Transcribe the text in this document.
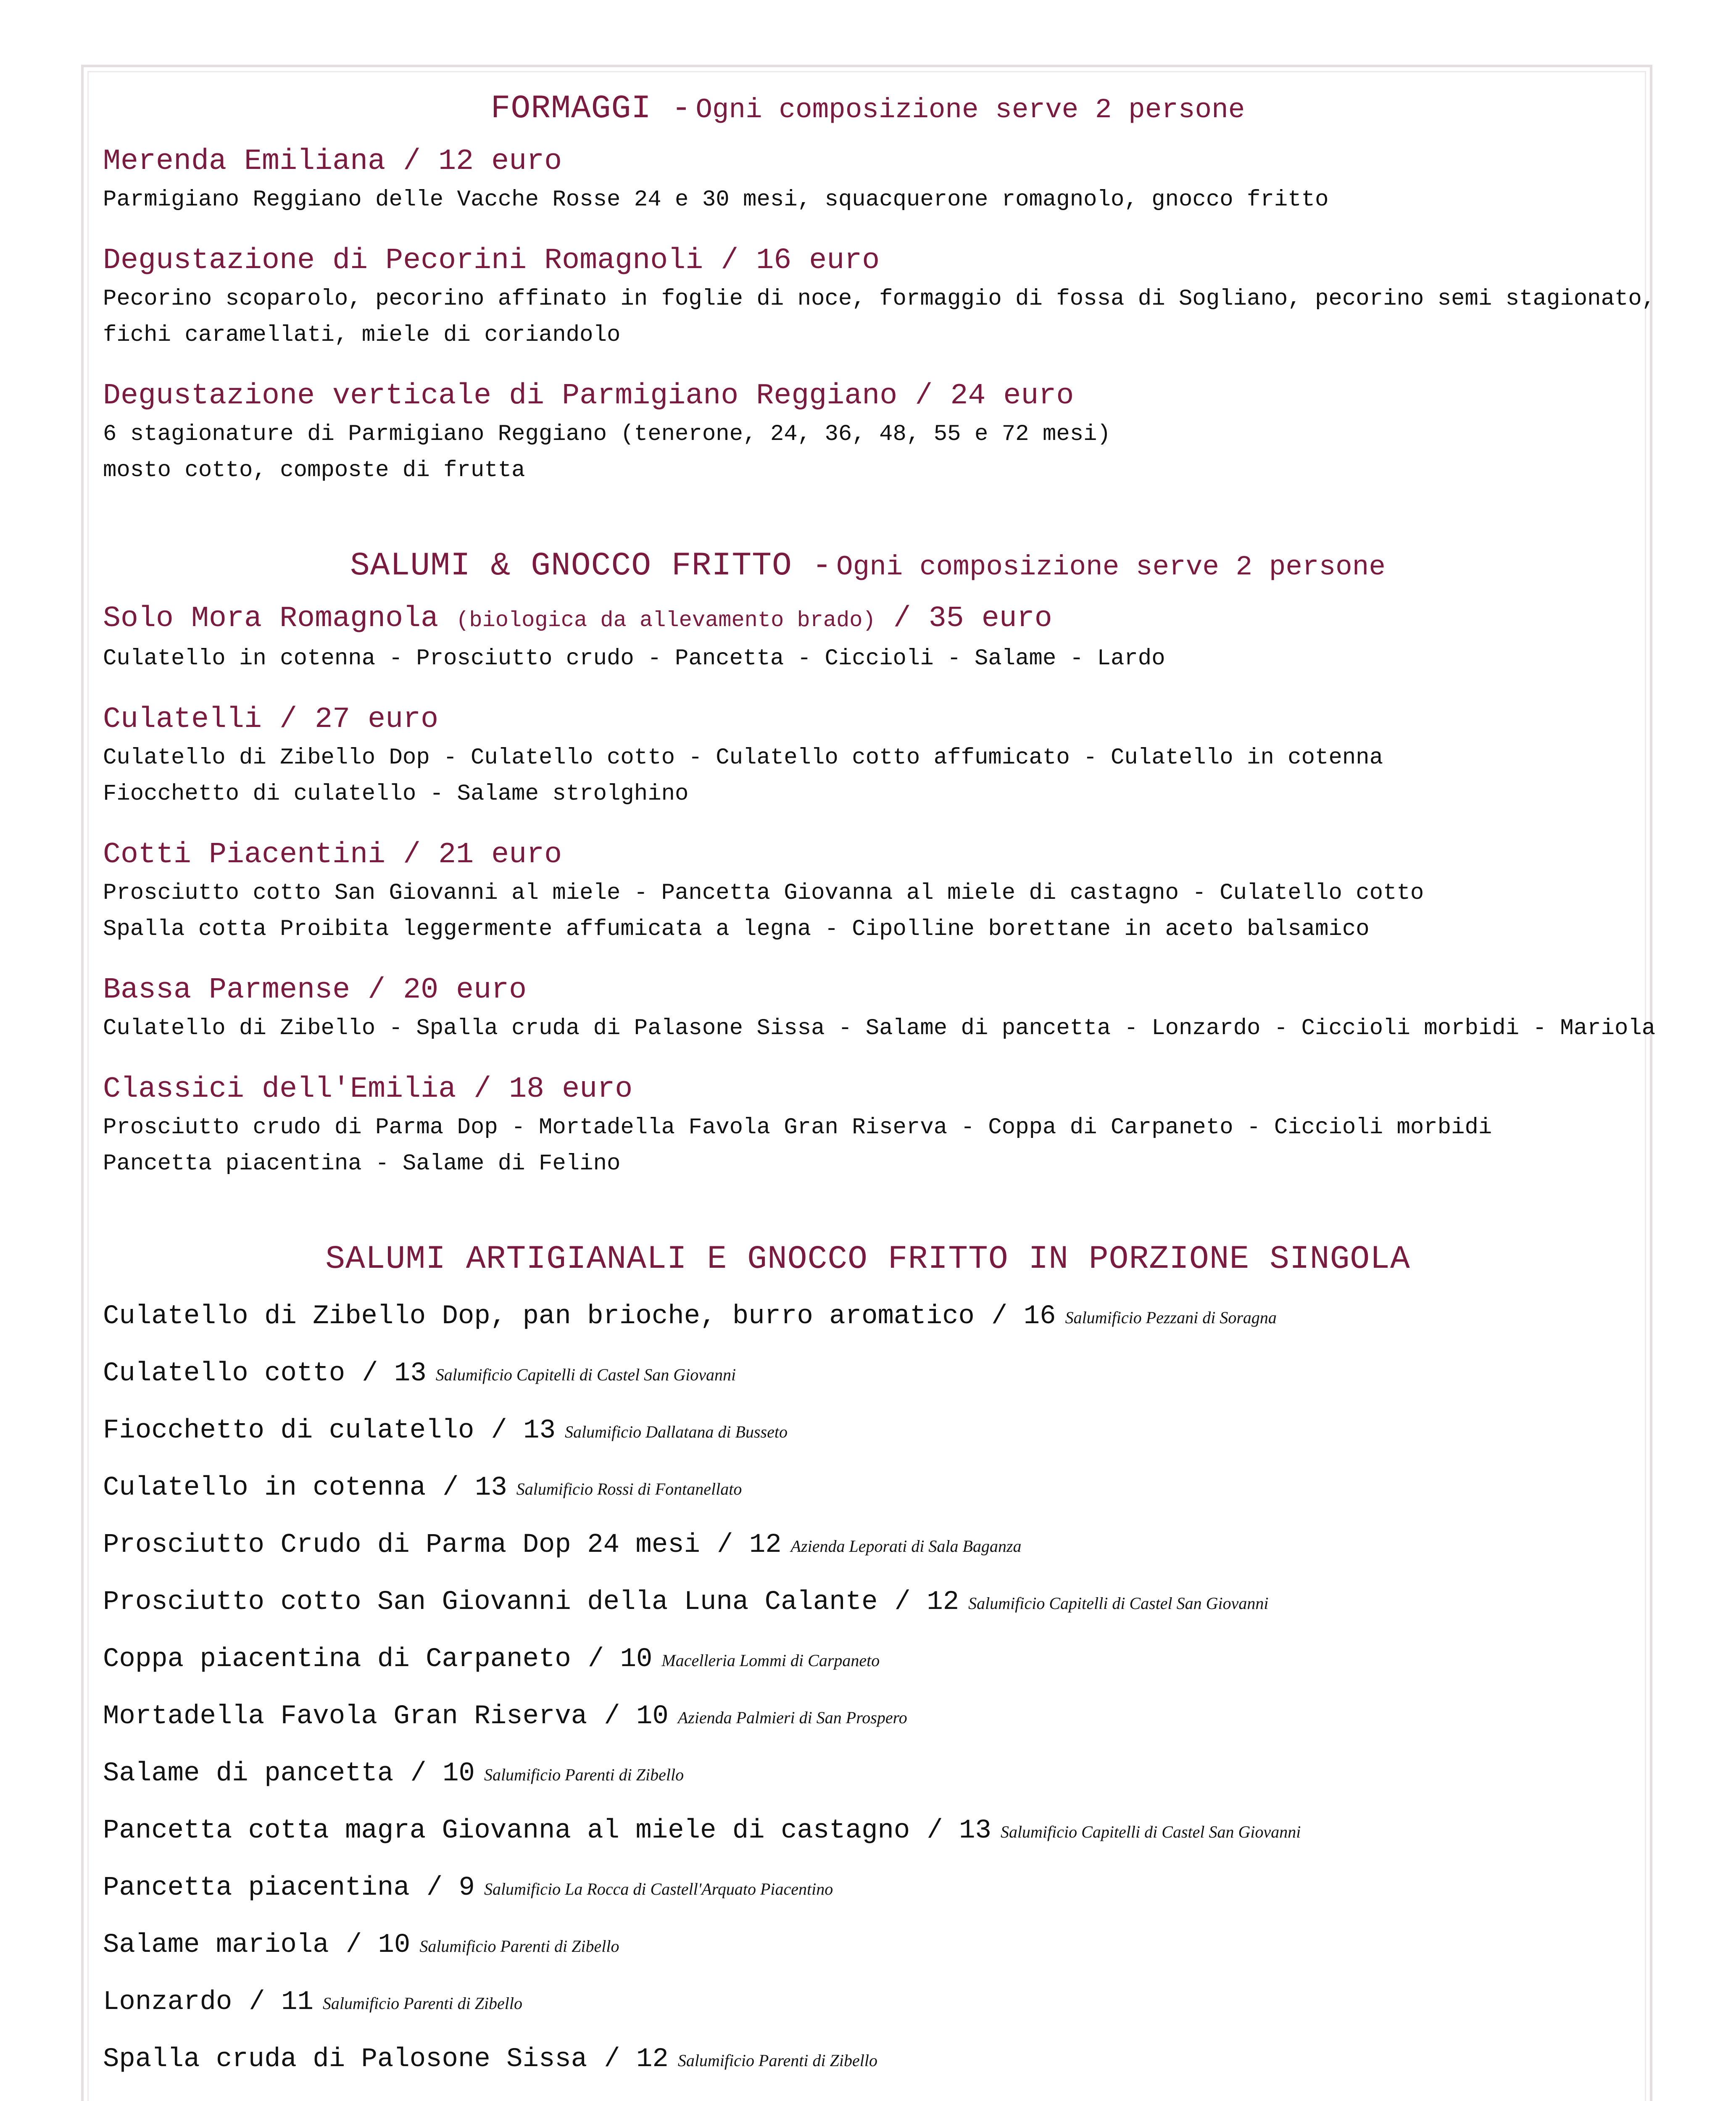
FORMAGGI - Ogni composizione serve 2 persone
Merenda Emiliana / 12 euro
Parmigiano Reggiano delle Vacche Rosse 24 e 30 mesi, squacquerone romagnolo, gnocco fritto
Degustazione di Pecorini Romagnoli / 16 euro
Pecorino scoparolo, pecorino affinato in foglie di noce, formaggio di fossa di Sogliano, pecorino semi stagionato,
fichi caramellati, miele di coriandolo
Degustazione verticale di Parmigiano Reggiano / 24 euro
6 stagionature di Parmigiano Reggiano (tenerone, 24, 36, 48, 55 e 72 mesi)
mosto cotto, composte di frutta
SALUMI & GNOCCO FRITTO - Ogni composizione serve 2 persone
Solo Mora Romagnola (biologica da allevamento brado) / 35 euro
Culatello in cotenna - Prosciutto crudo - Pancetta - Ciccioli - Salame - Lardo
Culatelli / 27 euro
Culatello di Zibello Dop - Culatello cotto - Culatello cotto affumicato - Culatello in cotenna
Fiocchetto di culatello - Salame strolghino
Cotti Piacentini / 21 euro
Prosciutto cotto San Giovanni al miele - Pancetta Giovanna al miele di castagno - Culatello cotto
Spalla cotta Proibita leggermente affumicata a legna - Cipolline borettane in aceto balsamico
Bassa Parmense / 20 euro
Culatello di Zibello - Spalla cruda di Palasone Sissa - Salame di pancetta - Lonzardo - Ciccioli morbidi - Mariola
Classici dell'Emilia / 18 euro
Prosciutto crudo di Parma Dop - Mortadella Favola Gran Riserva - Coppa di Carpaneto - Ciccioli morbidi
Pancetta piacentina - Salame di Felino
SALUMI ARTIGIANALI E GNOCCO FRITTO IN PORZIONE SINGOLA
Culatello di Zibello Dop, pan brioche, burro aromatico / 16 Salumificio Pezzani di Soragna
Culatello cotto / 13 Salumificio Capitelli di Castel San Giovanni
Fiocchetto di culatello / 13 Salumificio Dallatana di Busseto
Culatello in cotenna / 13 Salumificio Rossi di Fontanellato
Prosciutto Crudo di Parma Dop 24 mesi / 12 Azienda Leporati di Sala Baganza
Prosciutto cotto San Giovanni della Luna Calante / 12 Salumificio Capitelli di Castel San Giovanni
Coppa piacentina di Carpaneto / 10 Macelleria Lommi di Carpaneto
Mortadella Favola Gran Riserva / 10 Azienda Palmieri di San Prospero
Salame di pancetta / 10 Salumificio Parenti di Zibello
Pancetta cotta magra Giovanna al miele di castagno / 13 Salumificio Capitelli di Castel San Giovanni
Pancetta piacentina / 9 Salumificio La Rocca di Castell'Arquato Piacentino
Salame mariola / 10 Salumificio Parenti di Zibello
Lonzardo / 11 Salumificio Parenti di Zibello
Spalla cruda di Palosone Sissa / 12 Salumificio Parenti di Zibello
